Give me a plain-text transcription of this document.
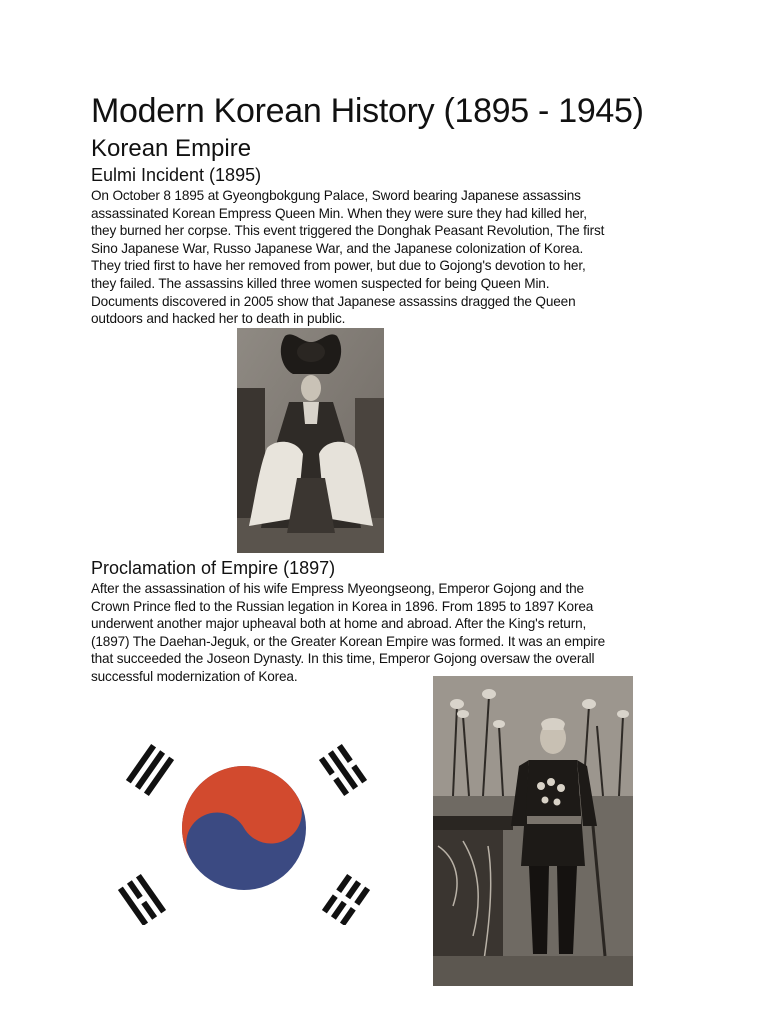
Modern Korean History (1895 - 1945)
Korean Empire
Eulmi Incident (1895)
On October 8 1895 at Gyeongbokgung Palace, Sword bearing Japanese assassins
assassinated Korean Empress Queen Min. When they were sure they had killed her,
they burned her corpse. This event triggered the Donghak Peasant Revolution, The first
Sino Japanese War, Russo Japanese War, and the Japanese colonization of Korea.
They tried first to have her removed from power, but due to Gojong's devotion to her,
they failed. The assassins killed three women suspected for being Queen Min.
Documents discovered in 2005 show that Japanese assassins dragged the Queen
outdoors and hacked her to death in public.
Proclamation of Empire (1897)
After the assassination of his wife Empress Myeongseong, Emperor Gojong and the
Crown Prince fled to the Russian legation in Korea in 1896. From 1895 to 1897 Korea
underwent another major upheaval both at home and abroad. After the King's return,
(1897) The Daehan-Jeguk, or the Greater Korean Empire was formed. It was an empire
that succeeded the Joseon Dynasty. In this time, Emperor Gojong oversaw the overall
successful modernization of Korea.
